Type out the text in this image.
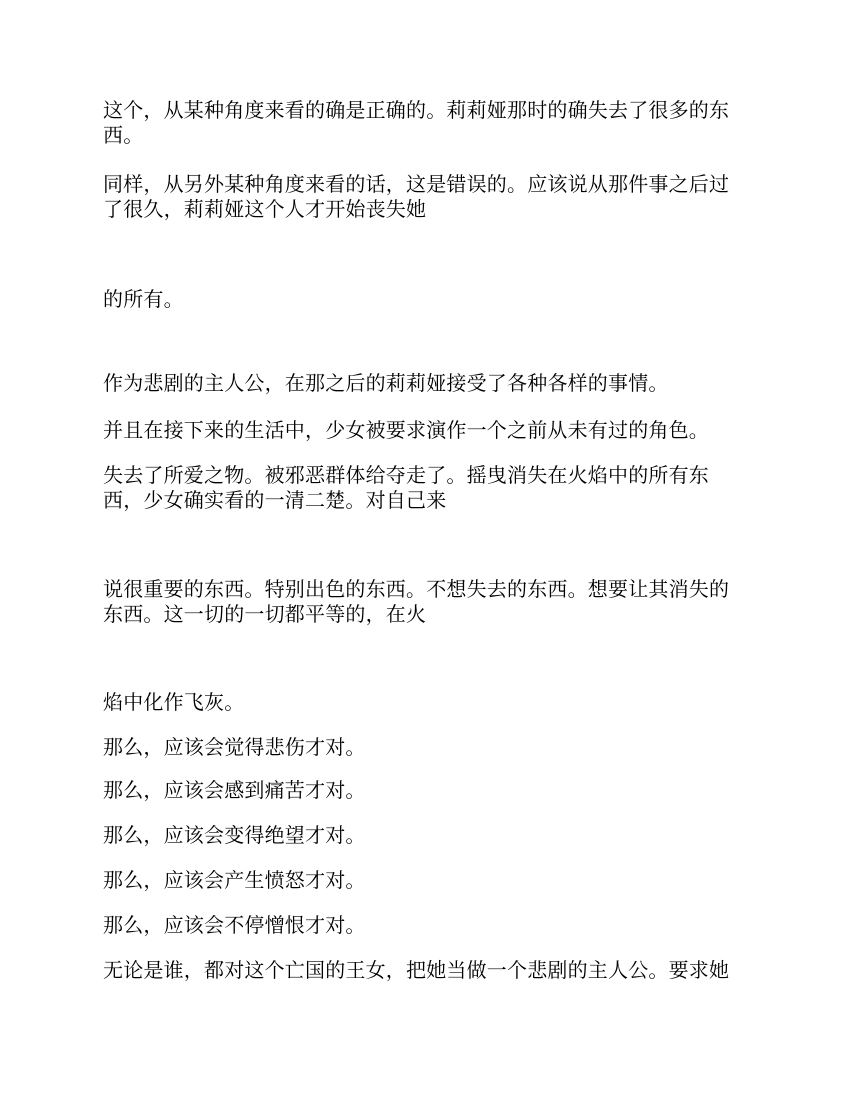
这个，从某种角度来看的确是正确的。莉莉娅那时的确失去了很多的东西。

同样，从另外某种角度来看的话，这是错误的。应该说从那件事之后过了很久，莉莉娅这个人才开始丧失她

的所有。

作为悲剧的主人公，在那之后的莉莉娅接受了各种各样的事情。

并且在接下来的生活中，少女被要求演作一个之前从未有过的角色。

失去了所爱之物。被邪恶群体给夺走了。摇曳消失在火焰中的所有东西，少女确实看的一清二楚。对自己来

说很重要的东西。特别出色的东西。不想失去的东西。想要让其消失的东西。这一切的一切都平等的，在火

焰中化作飞灰。

那么，应该会觉得悲伤才对。

那么，应该会感到痛苦才对。

那么，应该会变得绝望才对。

那么，应该会产生愤怒才对。

那么，应该会不停憎恨才对。

无论是谁，都对这个亡国的王女，把她当做一个悲剧的主人公。要求她
